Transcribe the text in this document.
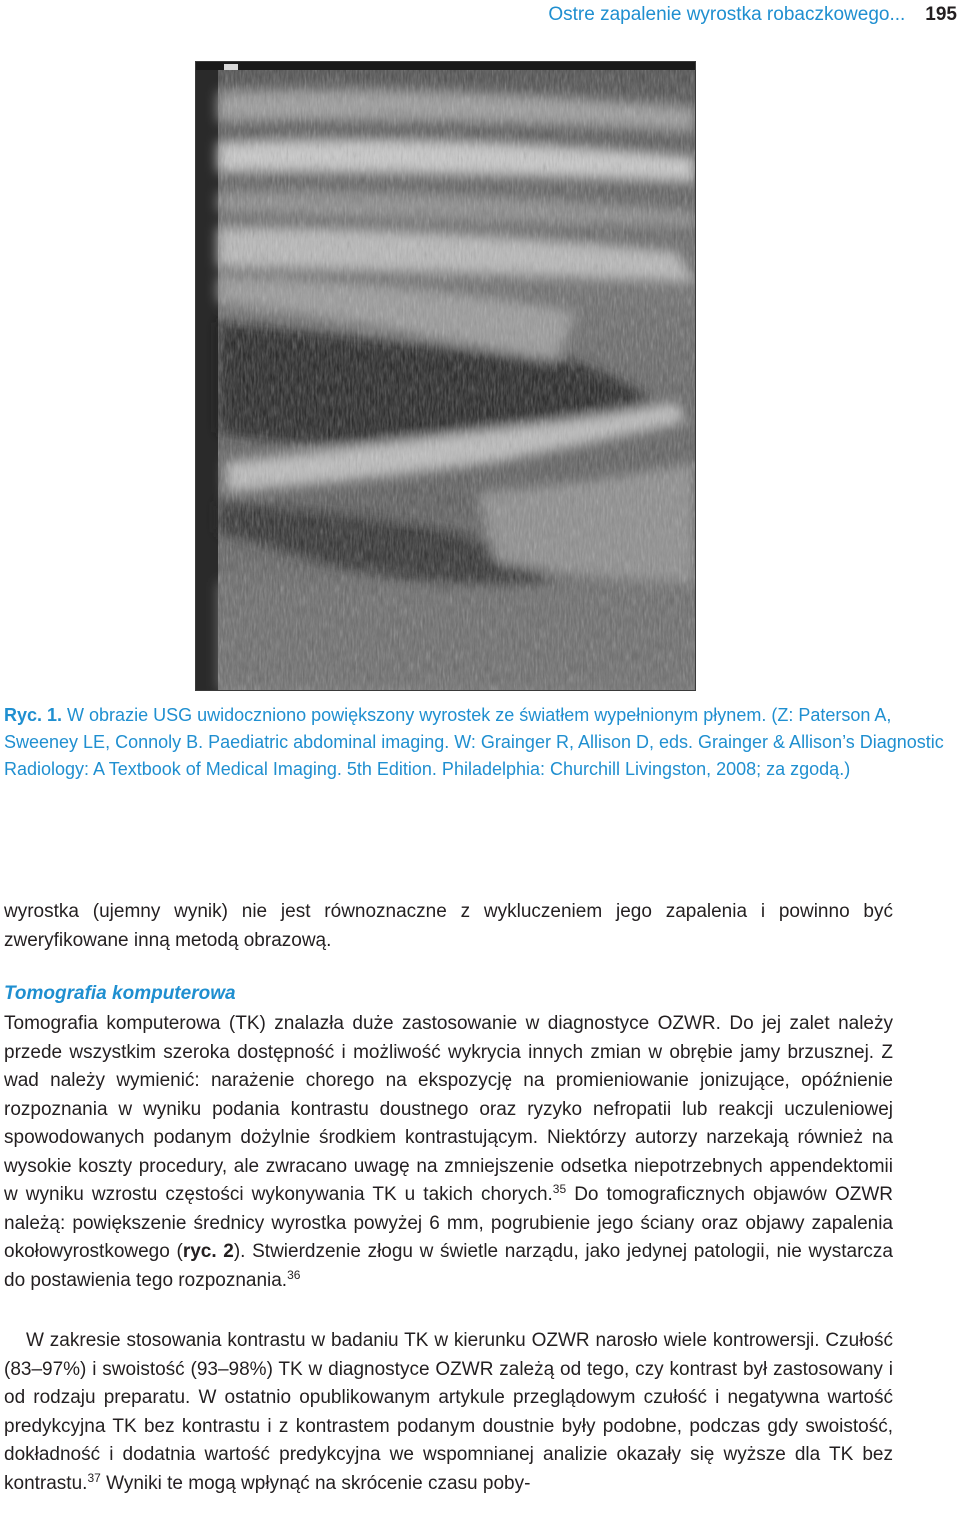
Ostre zapalenie wyrostka robaczkowego... 195
Ryc. 1. W obrazie USG uwidoczniono powiększony wyrostek ze światłem wypełnionym płynem. (Z: Paterson A, Sweeney LE, Connoly B. Paediatric abdominal imaging. W: Grainger R, Allison D, eds. Grainger & Allison’s Diagnostic Radiology: A Textbook of Medical Imaging. 5th Edition. Philadelphia: Churchill Livingston, 2008; za zgodą.)

wyrostka (ujemny wynik) nie jest równoznaczne z wykluczeniem jego zapalenia i powinno być zweryfikowane inną metodą obrazową.

Tomografia komputerowa

Tomografia komputerowa (TK) znalazła duże zastosowanie w diagnostyce OZWR. Do jej zalet należy przede wszystkim szeroka dostępność i możliwość wykrycia innych zmian w obrębie jamy brzusznej. Z wad należy wymienić: narażenie chorego na ekspozycję na promieniowanie jonizujące, opóźnienie rozpoznania w wyniku podania kontrastu doustnego oraz ryzyko nefropatii lub reakcji uczuleniowej spowodowanych podanym dożylnie środkiem kontrastującym. Niektórzy autorzy narzekają również na wysokie koszty procedury, ale zwracano uwagę na zmniejszenie odsetka niepotrzebnych appendektomii w wyniku wzrostu częstości wykonywania TK u takich chorych.$^{35}$ Do tomograficznych objawów OZWR należą: powiększenie średnicy wyrostka powyżej 6 mm, pogrubienie jego ściany oraz objawy zapalenia okołowyrostkowego (ryc. 2). Stwierdzenie złogu w świetle narządu, jako jedynej patologii, nie wystarcza do postawienia tego rozpoznania.$^{36}$

W zakresie stosowania kontrastu w badaniu TK w kierunku OZWR narosło wiele kontrowersji. Czułość (83–97%) i swoistość (93–98%) TK w diagnostyce OZWR zależą od tego, czy kontrast był zastosowany i od rodzaju preparatu. W ostatnio opublikowanym artykule przeglądowym czułość i negatywna wartość predykcyjna TK bez kontrastu i z kontrastem podanym doustnie były podobne, podczas gdy swoistość, dokładność i dodatnia wartość predykcyjna we wspomnianej analizie okazały się wyższe dla TK bez kontrastu.$^{37}$ Wyniki te mogą wpłynąć na skrócenie czasu poby-
